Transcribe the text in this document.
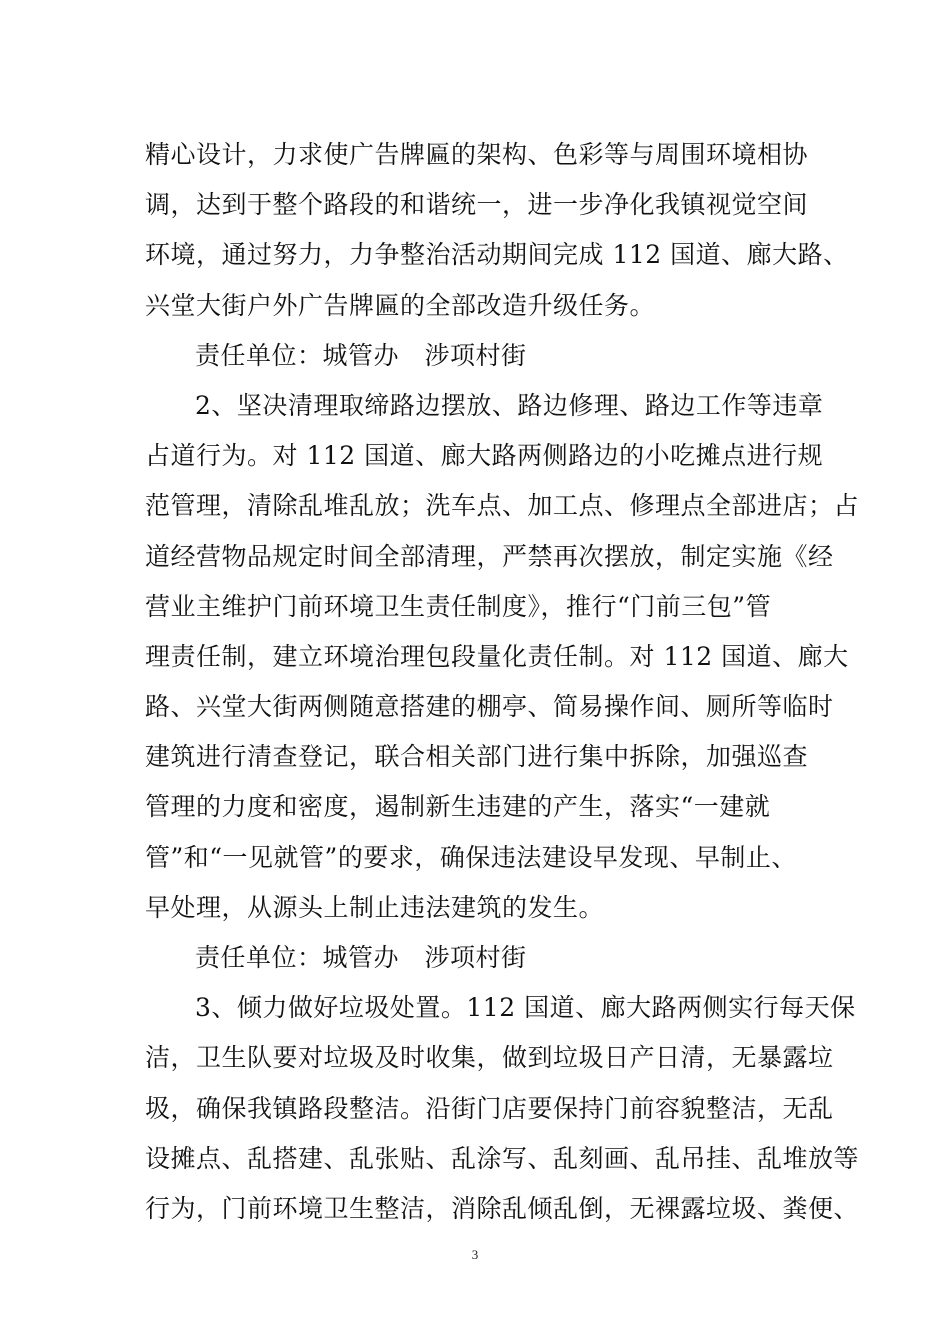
精心设计，力求使广告牌匾的架构、色彩等与周围环境相协
调，达到于整个路段的和谐统一，进一步净化我镇视觉空间
环境，通过努力，力争整治活动期间完成 112 国道、廊大路、
兴堂大街户外广告牌匾的全部改造升级任务。
责任单位：城管办　涉项村街
2、坚决清理取缔路边摆放、路边修理、路边工作等违章
占道行为。对 112 国道、廊大路两侧路边的小吃摊点进行规
范管理，清除乱堆乱放；洗车点、加工点、修理点全部进店；占
道经营物品规定时间全部清理，严禁再次摆放，制定实施《经
营业主维护门前环境卫生责任制度》，推行“门前三包”管
理责任制，建立环境治理包段量化责任制。对 112 国道、廊大
路、兴堂大街两侧随意搭建的棚亭、简易操作间、厕所等临时
建筑进行清查登记，联合相关部门进行集中拆除，加强巡查
管理的力度和密度，遏制新生违建的产生，落实“一建就
管”和“一见就管”的要求，确保违法建设早发现、早制止、
早处理，从源头上制止违法建筑的发生。
责任单位：城管办　涉项村街
3、倾力做好垃圾处置。112 国道、廊大路两侧实行每天保
洁，卫生队要对垃圾及时收集，做到垃圾日产日清，无暴露垃
圾，确保我镇路段整洁。沿街门店要保持门前容貌整洁，无乱
设摊点、乱搭建、乱张贴、乱涂写、乱刻画、乱吊挂、乱堆放等
行为，门前环境卫生整洁，消除乱倾乱倒，无裸露垃圾、粪便、
3
